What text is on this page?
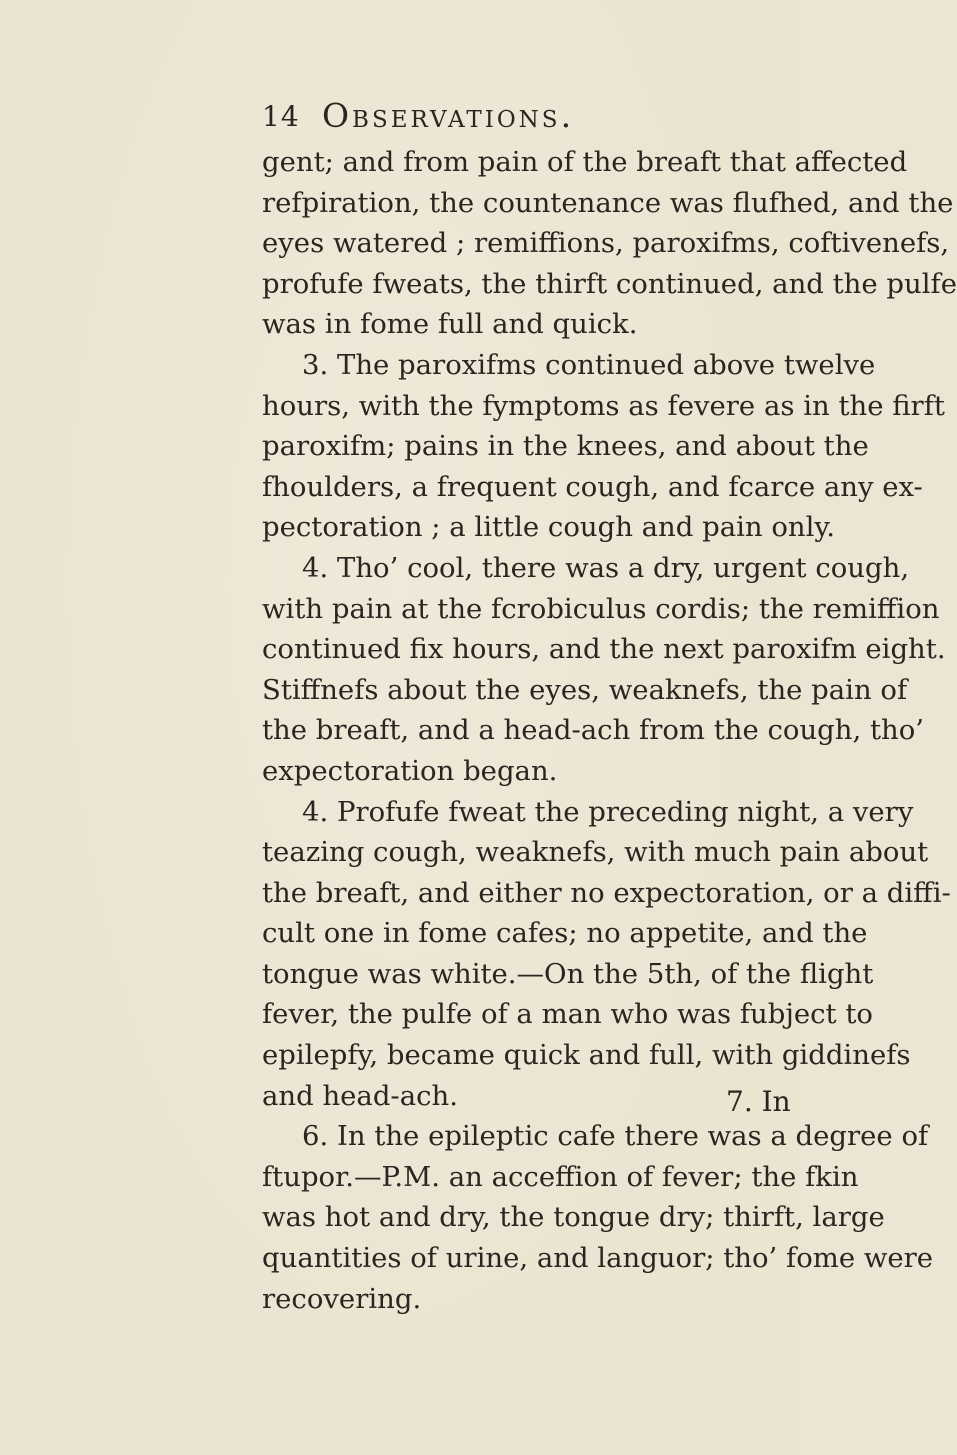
14 Observations.
gent; and from pain of the breaft that affected
refpiration, the countenance was flufhed, and the
eyes watered ; remiffions, paroxifms, coftivenefs,
profufe fweats, the thirft continued, and the pulfe
was in fome full and quick.
3. The paroxifms continued above twelve
hours, with the fymptoms as fevere as in the firft
paroxifm; pains in the knees, and about the
fhoulders, a frequent cough, and fcarce any ex-
pectoration ; a little cough and pain only.
4. Tho’ cool, there was a dry, urgent cough,
with pain at the fcrobiculus cordis; the remiffion
continued fix hours, and the next paroxifm eight.
Stiffnefs about the eyes, weaknefs, the pain of
the breaft, and a head-ach from the cough, tho’
expectoration began.
4. Profufe fweat the preceding night, a very
teazing cough, weaknefs, with much pain about
the breaft, and either no expectoration, or a diffi-
cult one in fome cafes; no appetite, and the
tongue was white.—On the 5th, of the flight
fever, the pulfe of a man who was fubject to
epilepfy, became quick and full, with giddinefs
and head-ach.
6. In the epileptic cafe there was a degree of
ftupor.—P.M. an acceffion of fever; the fkin
was hot and dry, the tongue dry; thirft, large
quantities of urine, and languor; tho’ fome were
recovering.
7. In
